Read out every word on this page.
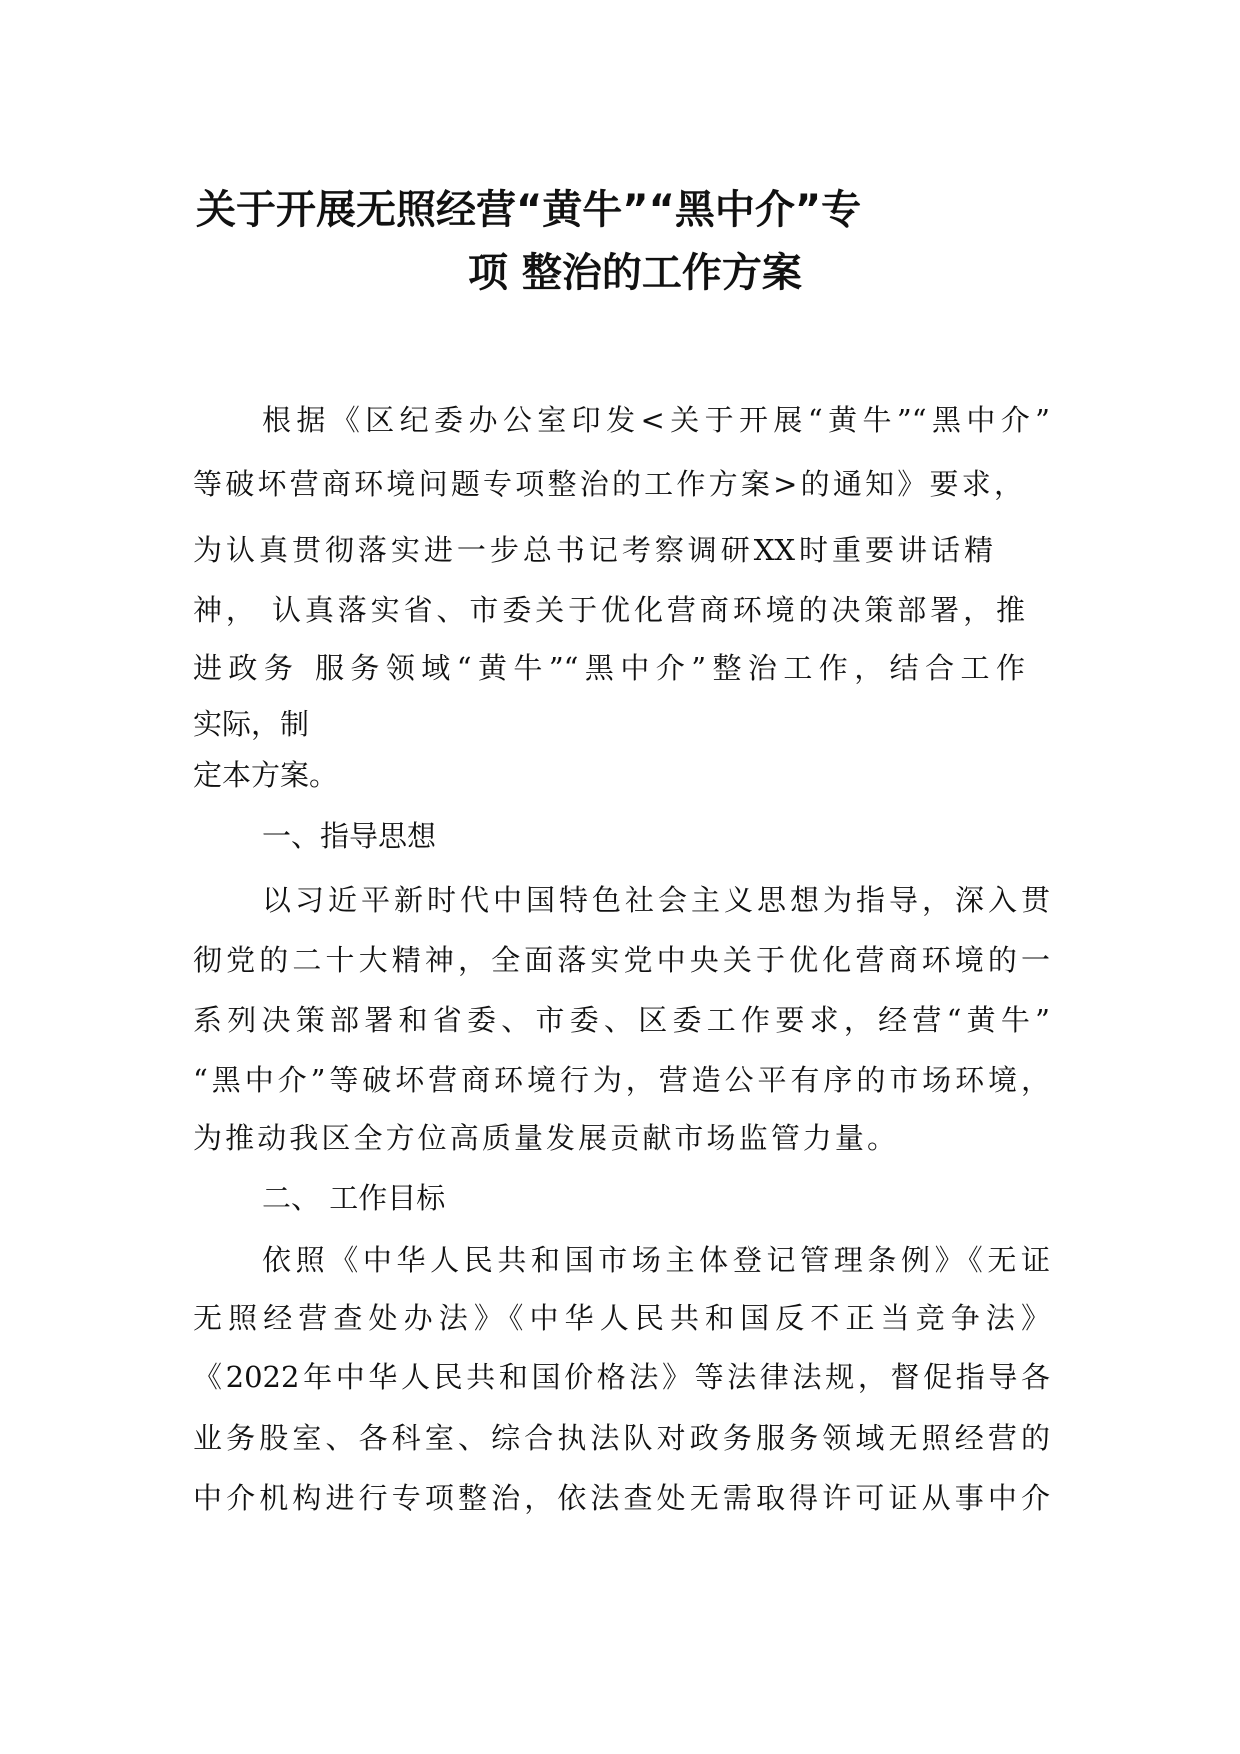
关于开展无照经营“黄牛”“黑中介”专
项 整治的工作方案
根据《区纪委办公室印发<关于开展“黄牛”“黑中介”
等破坏营商环境问题专项整治的工作方案>的通知》要求，
为认真贯彻落实进一步总书记考察调研XX时重要讲话精
神， 认真落实省、市委关于优化营商环境的决策部署，推
进政务 服务领域“黄牛”“黑中介”整治工作，结合工作
实际，制
定本方案。
一、指导思想
以习近平新时代中国特色社会主义思想为指导，深入贯
彻党的二十大精神，全面落实党中央关于优化营商环境的一
系列决策部署和省委、市委、区委工作要求，经营“黄牛”
“黑中介”等破坏营商环境行为，营造公平有序的市场环境，
为推动我区全方位高质量发展贡献市场监管力量。
二、 工作目标
依照《中华人民共和国市场主体登记管理条例》《无证
无照经营查处办法》《中华人民共和国反不正当竞争法》
《2022年中华人民共和国价格法》等法律法规，督促指导各
业务股室、各科室、综合执法队对政务服务领域无照经营的
中介机构进行专项整治，依法查处无需取得许可证从事中介
